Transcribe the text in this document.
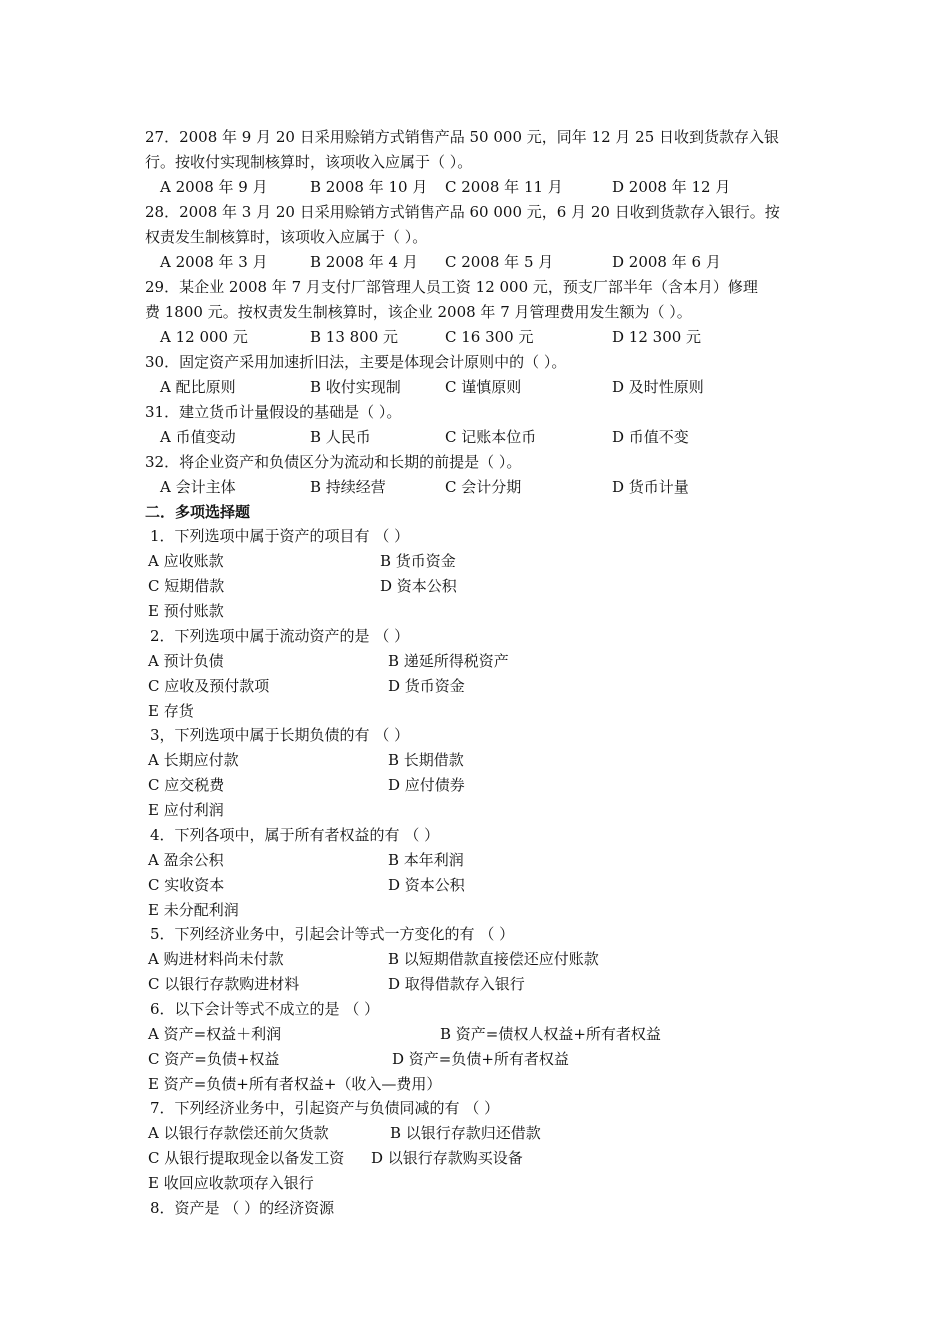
27．2008 年 9 月 20 日采用赊销方式销售产品 50 000 元，同年 12 月 25 日收到货款存入银
行。按收付实现制核算时，该项收入应属于（ ）。
A 2008 年 9 月	B 2008 年 10 月 C 2008 年 11 月	D 2008 年 12 月
28．2008 年 3 月 20 日采用赊销方式销售产品 60 000 元，6 月 20 日收到货款存入银行。按
权责发生制核算时，该项收入应属于（ ）。
A 2008 年 3 月	B 2008 年 4 月 C 2008 年 5 月	D 2008 年 6 月
29．某企业 2008 年 7 月支付厂部管理人员工资 12 000 元，预支厂部半年（含本月）修理
费 1800 元。按权责发生制核算时，该企业 2008 年 7 月管理费用发生额为（ ）。
A 12 000 元	B 13 800 元	C 16 300 元	D 12 300 元
30．固定资产采用加速折旧法，主要是体现会计原则中的（ ）。
A 配比原则	B 收付实现制	C 谨慎原则	D 及时性原则
31．建立货币计量假设的基础是（ ）。
A 币值变动	B 人民币	C 记账本位币	D 币值不变
32．将企业资产和负债区分为流动和长期的前提是（ ）。
A 会计主体	B 持续经营	C 会计分期	D 货币计量
二．多项选择题
1．下列选项中属于资产的项目有 （ ）
A 应收账款	B 货币资金
C 短期借款	D 资本公积
E 预付账款
2．下列选项中属于流动资产的是 （ ）
A 预计负债	B 递延所得税资产
C 应收及预付款项	D 货币资金
E 存货
3，下列选项中属于长期负债的有 （ ）
A 长期应付款	B 长期借款
C 应交税费	D 应付债券
E 应付利润
4．下列各项中，属于所有者权益的有 （ ）
A 盈余公积	B 本年利润
C 实收资本	D 资本公积
E 未分配利润
5．下列经济业务中，引起会计等式一方变化的有 （ ）
A 购进材料尚未付款	B 以短期借款直接偿还应付账款
C 以银行存款购进材料	D 取得借款存入银行
6．以下会计等式不成立的是 （ ）
A 资产=权益＋利润	B 资产=债权人权益+所有者权益
C 资产=负债+权益	D 资产=负债+所有者权益
E 资产=负债+所有者权益+（收入—费用）
7．下列经济业务中，引起资产与负债同减的有 （ ）
A 以银行存款偿还前欠货款	B 以银行存款归还借款
C 从银行提取现金以备发工资 D 以银行存款购买设备
E 收回应收款项存入银行
8．资产是 （ ）的经济资源
